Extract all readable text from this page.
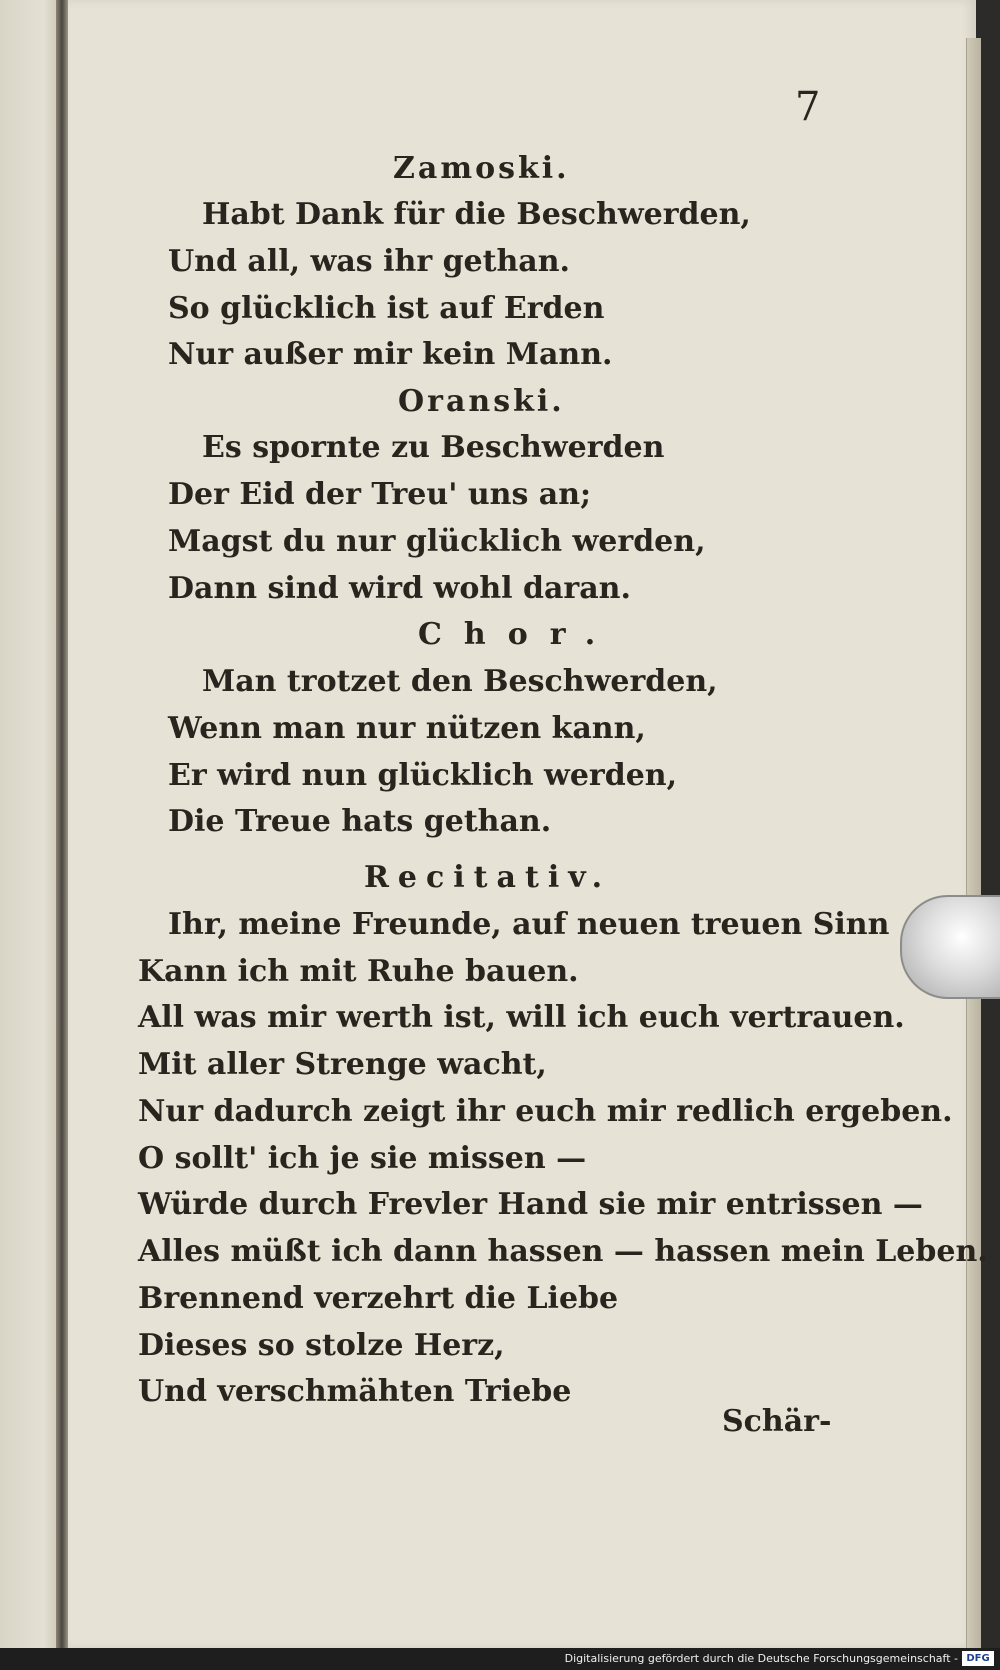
7

Zamoski.

Habt Dank für die Beschwerden,

Und all, was ihr gethan.

So glücklich ist auf Erden

Nur außer mir kein Mann.

Oranski.

Es spornte zu Beschwerden

Der Eid der Treu' uns an;

Magst du nur glücklich werden,

Dann sind wird wohl daran.

Chor.

Man trotzet den Beschwerden,

Wenn man nur nützen kann,

Er wird nun glücklich werden,

Die Treue hats gethan.

Recitativ.

Ihr, meine Freunde, auf neuen treuen Sinn

Kann ich mit Ruhe bauen.

All was mir werth ist, will ich euch vertrauen.

Mit aller Strenge wacht,

Nur dadurch zeigt ihr euch mir redlich ergeben.

O sollt' ich je sie missen —

Würde durch Frevler Hand sie mir entrissen —

Alles müßt ich dann hassen — hassen mein Leben.

Brennend verzehrt die Liebe

Dieses so stolze Herz,

Und verschmähten Triebe

Schär-

Digitalisierung gefördert durch die Deutsche Forschungsgemeinschaft - DFG
